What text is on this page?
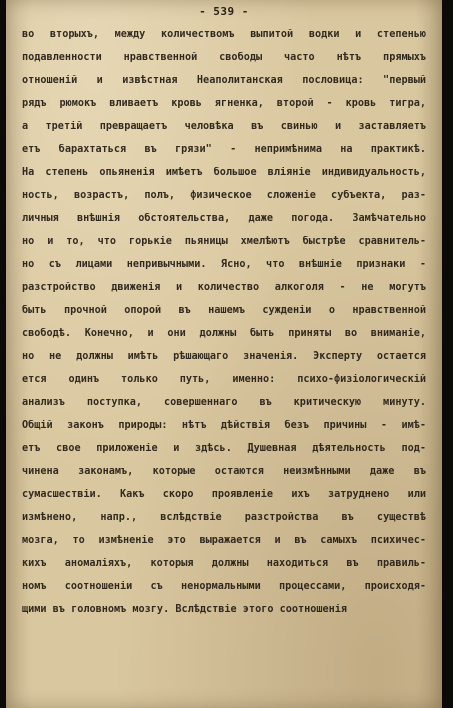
- 539 -
во вторыхъ, между количествомъ выпитой водки и степенью
подавленности нравственной свободы часто нѣтъ прямыхъ
отношеній и извѣстная Неаполитанская пословица: "первый
рядъ рюмокъ вливаетъ кровь ягненка, второй - кровь тигра,
а третій превращаетъ человѣка въ свинью и заставляетъ
етъ барахтаться въ грязи" - непримѣнима на практикѣ.
На степень опьяненія имѣетъ большое вліяніе индивидуальность,
ность, возрастъ, полъ, физическое сложеніе субъекта, раз-
личныя внѣшнія обстоятельства, даже погода. Замѣчательно
но и то, что горькіе пьяницы хмелѣютъ быстрѣе сравнитель-
но съ лицами непривычными. Ясно, что внѣшніе признаки -
разстройство движенія и количество алкоголя - не могутъ
быть прочной опорой въ нашемъ сужденіи о нравственной
свободѣ. Конечно, и они должны быть приняты во вниманіе,
но не должны имѣть рѣшающаго значенія. Эксперту остается
ется одинъ только путь, именно: психо-физіологическій
анализъ поступка, совершеннаго въ критическую минуту.
Общій законъ природы: нѣтъ дѣйствія безъ причины - имѣ-
етъ свое приложеніе и здѣсь. Душевная дѣятельность под-
чинена законамъ, которые остаются неизмѣнными даже въ
сумасшествіи. Какъ скоро проявленіе ихъ затруднено или
измѣнено, напр., вслѣдствіе разстройства въ существѣ
мозга, то измѣненіе это выражается и въ самыхъ психичес-
кихъ аномаліяхъ, которыя должны находиться въ правиль-
номъ соотношеніи съ ненормальными процессами, происходя-
щими въ головномъ мозгу. Вслѣдствіе этого соотношенія
